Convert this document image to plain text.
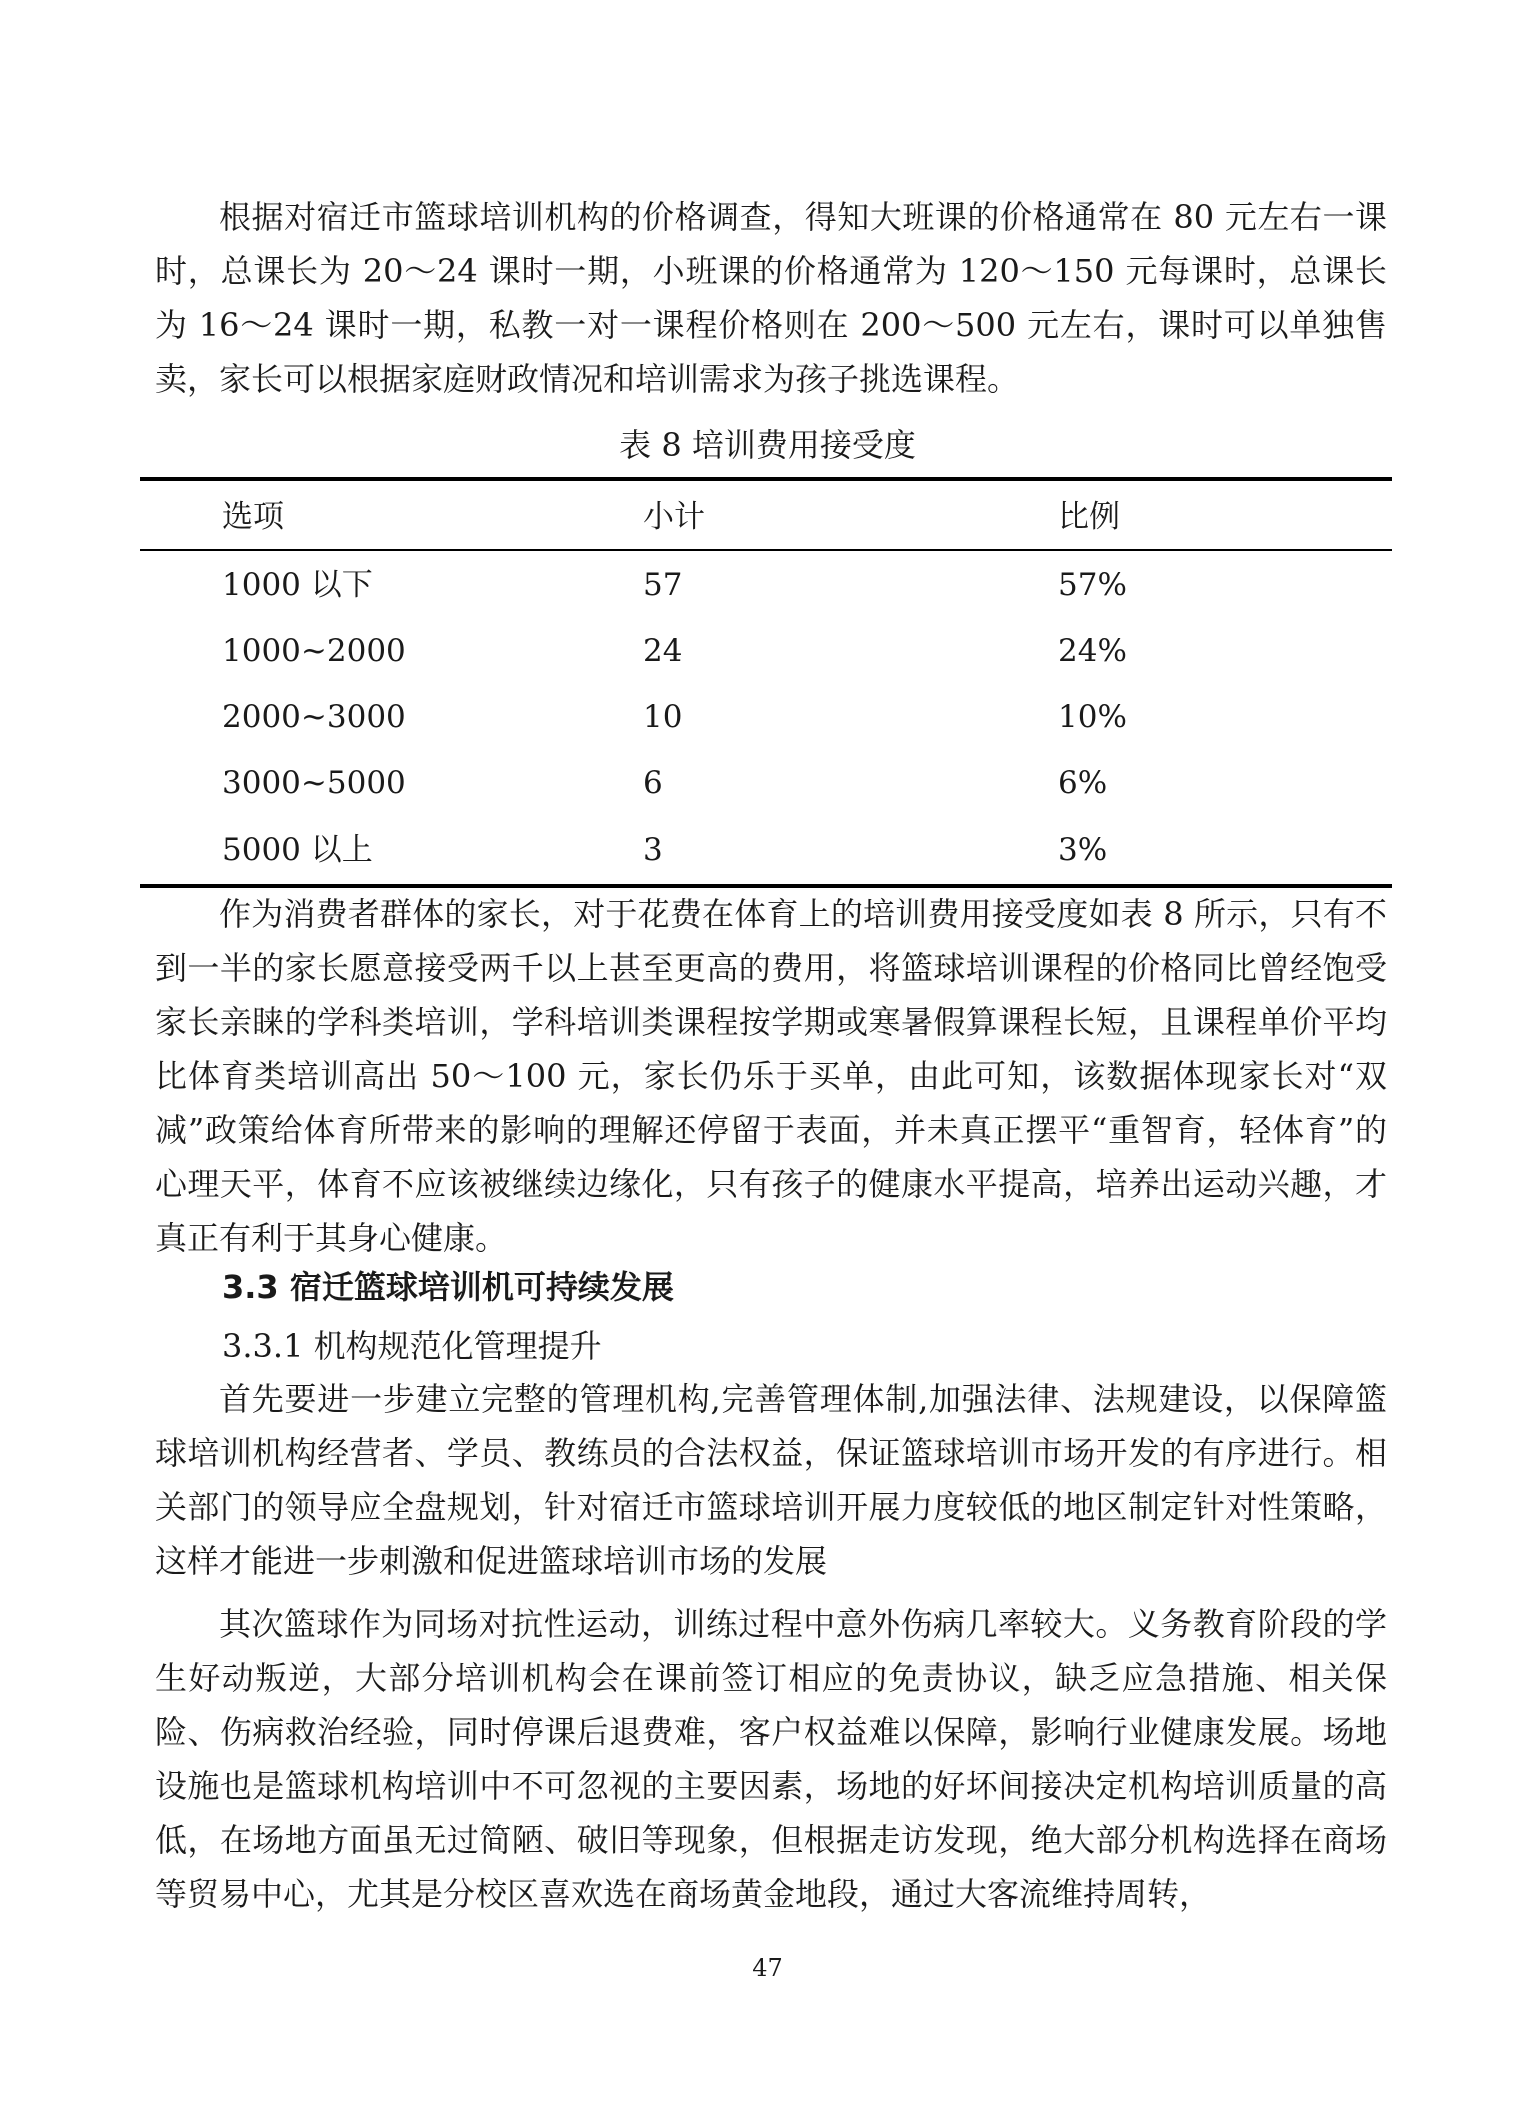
根据对宿迁市篮球培训机构的价格调查，得知大班课的价格通常在 80 元左右一课时，总课长为 20～24 课时一期，小班课的价格通常为 120～150 元每课时，总课长为 16～24 课时一期，私教一对一课程价格则在 200～500 元左右，课时可以单独售卖，家长可以根据家庭财政情况和培训需求为孩子挑选课程。

表 8 培训费用接受度
选项	小计	比例
1000 以下	57	57%
1000~2000	24	24%
2000~3000	10	10%
3000~5000	6	6%
5000 以上	3	3%

作为消费者群体的家长，对于花费在体育上的培训费用接受度如表 8 所示，只有不到一半的家长愿意接受两千以上甚至更高的费用，将篮球培训课程的价格同比曾经饱受家长亲睐的学科类培训，学科培训类课程按学期或寒暑假算课程长短，且课程单价平均比体育类培训高出 50～100 元，家长仍乐于买单，由此可知，该数据体现家长对“双减”政策给体育所带来的影响的理解还停留于表面，并未真正摆平“重智育，轻体育”的心理天平，体育不应该被继续边缘化，只有孩子的健康水平提高，培养出运动兴趣，才真正有利于其身心健康。

3.3 宿迁篮球培训机可持续发展
3.3.1 机构规范化管理提升

首先要进一步建立完整的管理机构,完善管理体制,加强法律、法规建设，以保障篮球培训机构经营者、学员、教练员的合法权益，保证篮球培训市场开发的有序进行。相关部门的领导应全盘规划，针对宿迁市篮球培训开展力度较低的地区制定针对性策略，这样才能进一步刺激和促进篮球培训市场的发展

其次篮球作为同场对抗性运动，训练过程中意外伤病几率较大。义务教育阶段的学生好动叛逆，大部分培训机构会在课前签订相应的免责协议，缺乏应急措施、相关保险、伤病救治经验，同时停课后退费难，客户权益难以保障，影响行业健康发展。场地设施也是篮球机构培训中不可忽视的主要因素，场地的好坏间接决定机构培训质量的高低，在场地方面虽无过简陋、破旧等现象，但根据走访发现，绝大部分机构选择在商场等贸易中心，尤其是分校区喜欢选在商场黄金地段，通过大客流维持周转，

47
